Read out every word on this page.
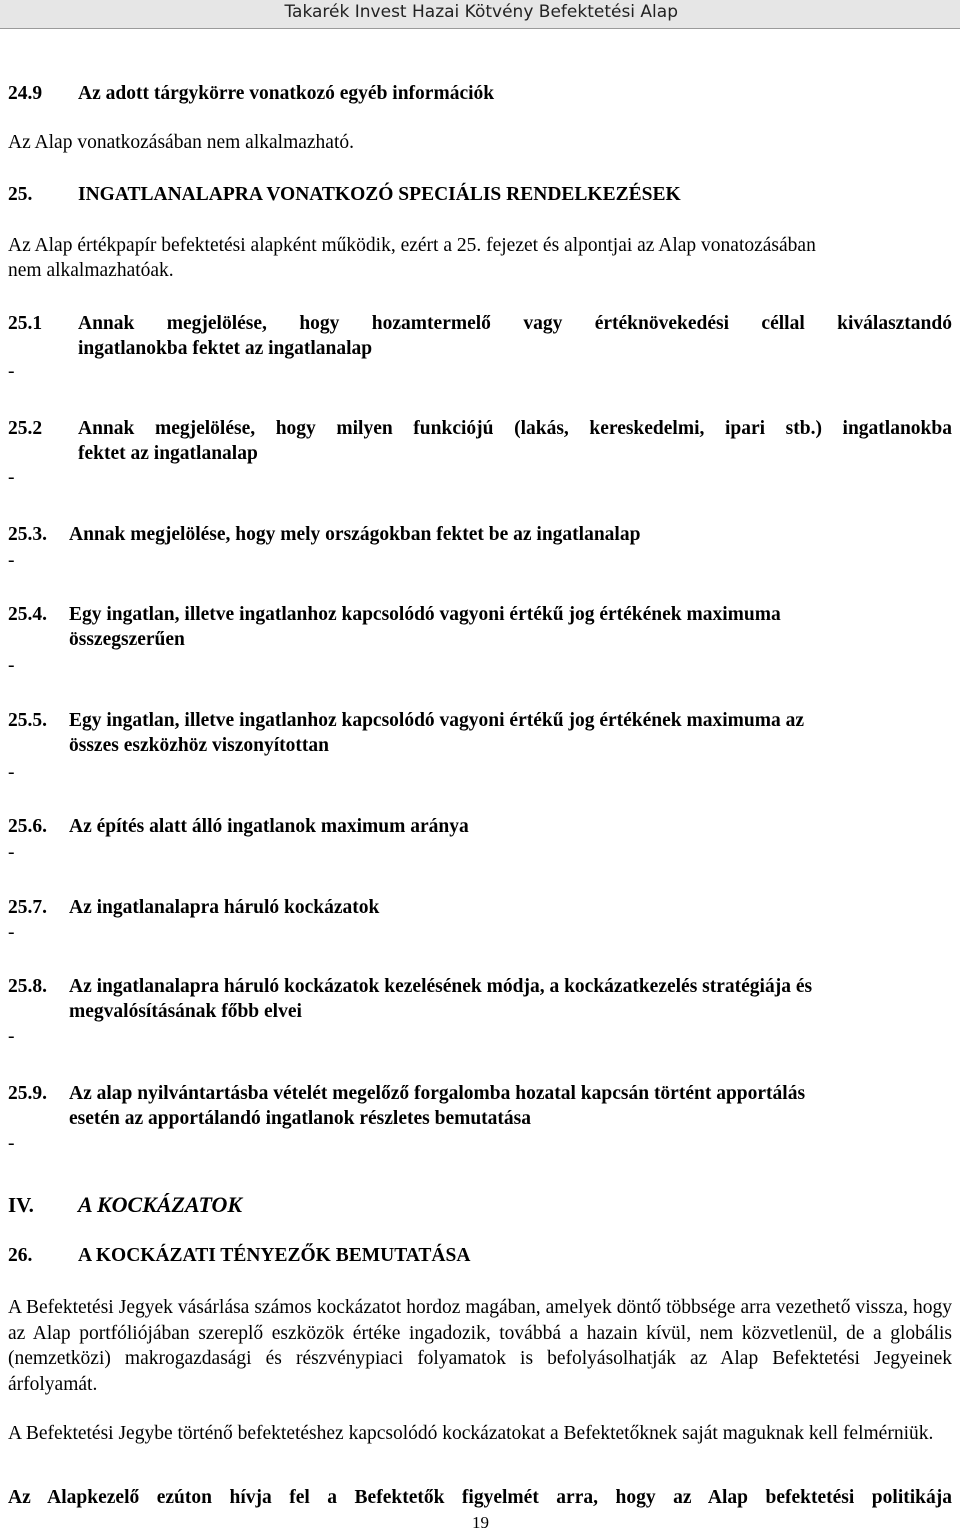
Takarék Invest Hazai Kötvény Befektetési Alap
24.9 Az adott tárgykörre vonatkozó egyéb információk
Az Alap vonatkozásában nem alkalmazható.
25. INGATLANALAPRA VONATKOZÓ SPECIÁLIS RENDELKEZÉSEK
Az Alap értékpapír befektetési alapként működik, ezért a 25. fejezet és alpontjai az Alap vonatozásában
nem alkalmazhatóak.
25.1 Annak megjelölése, hogy hozamtermelő vagy értéknövekedési céllal kiválasztandó
ingatlanokba fektet az ingatlanalap
-
25.2 Annak megjelölése, hogy milyen funkciójú (lakás, kereskedelmi, ipari stb.) ingatlanokba
fektet az ingatlanalap
-
25.3. Annak megjelölése, hogy mely országokban fektet be az ingatlanalap
-
25.4. Egy ingatlan, illetve ingatlanhoz kapcsolódó vagyoni értékű jog értékének maximuma
összegszerűen
-
25.5. Egy ingatlan, illetve ingatlanhoz kapcsolódó vagyoni értékű jog értékének maximuma az
összes eszközhöz viszonyítottan
-
25.6. Az építés alatt álló ingatlanok maximum aránya
-
25.7. Az ingatlanalapra háruló kockázatok
-
25.8. Az ingatlanalapra háruló kockázatok kezelésének módja, a kockázatkezelés stratégiája és
megvalósításának főbb elvei
-
25.9. Az alap nyilvántartásba vételét megelőző forgalomba hozatal kapcsán történt apportálás
esetén az apportálandó ingatlanok részletes bemutatása
-
IV. A KOCKÁZATOK
26. A KOCKÁZATI TÉNYEZŐK BEMUTATÁSA
A Befektetési Jegyek vásárlása számos kockázatot hordoz magában, amelyek döntő többsége arra vezethető vissza, hogy az Alap portfóliójában szereplő eszközök értéke ingadozik, továbbá a hazain kívül, nem közvetlenül, de a globális (nemzetközi) makrogazdasági és részvénypiaci folyamatok is befolyásolhatják az Alap Befektetési Jegyeinek árfolyamát.
A Befektetési Jegybe történő befektetéshez kapcsolódó kockázatokat a Befektetőknek saját maguknak kell felmérniük.
Az Alapkezelő ezúton hívja fel a Befektetők figyelmét arra, hogy az Alap befektetési politikája
19
